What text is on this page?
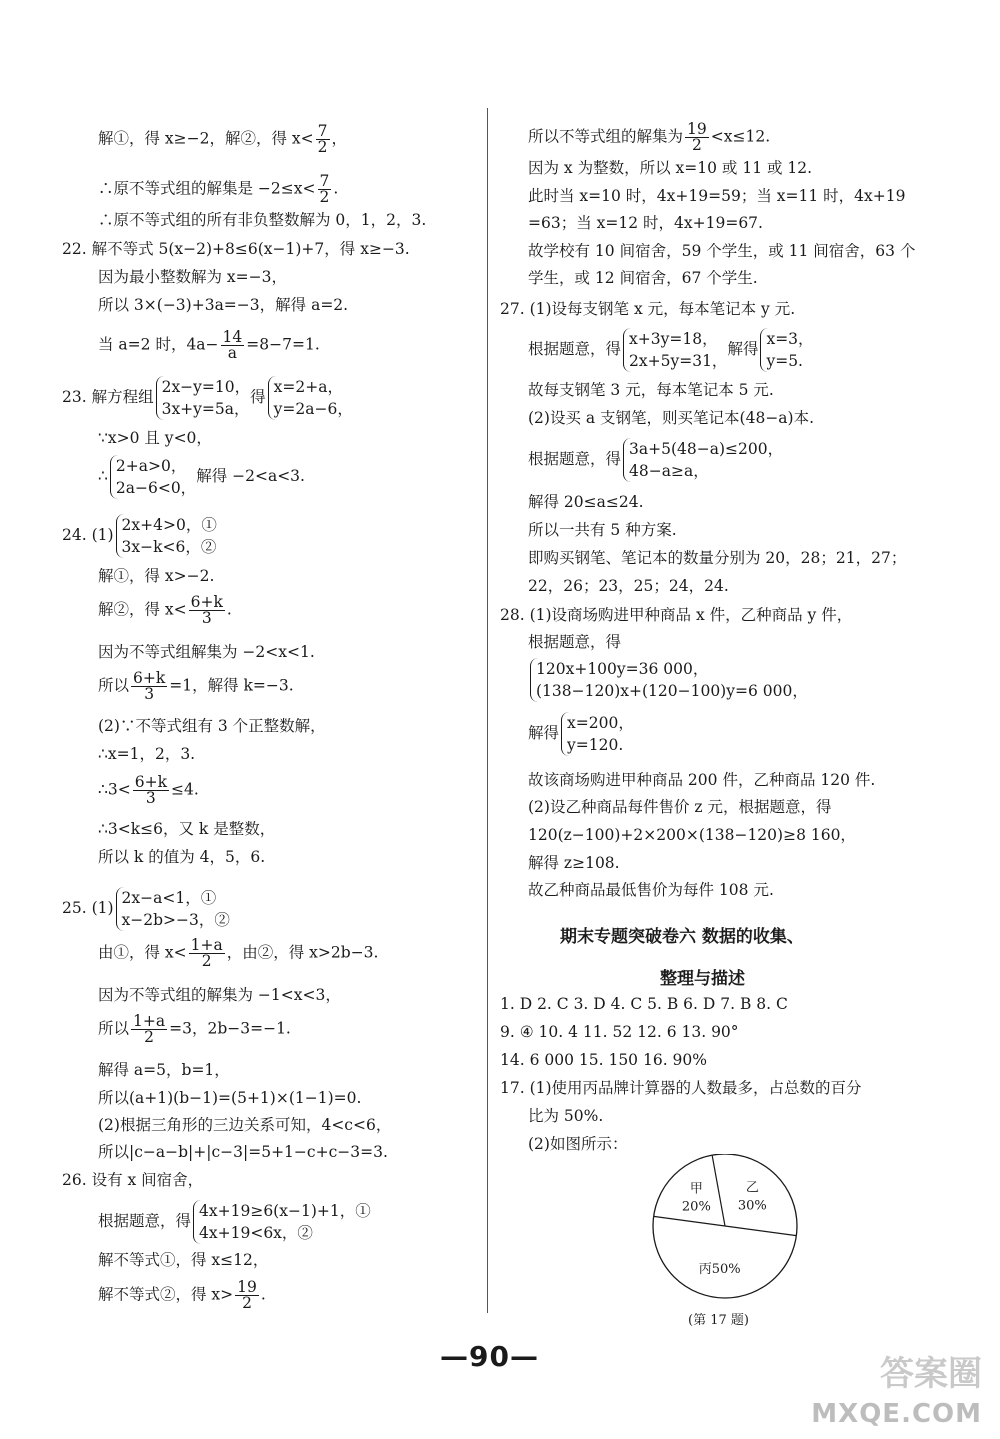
解①，得 x≥−2，解②，得 $x< \frac{7}{2}$ ，
∴原不等式组的解集是 $-2\le x< \frac{7}{2}$ .
∴原不等式组的所有非负整数解为 0，1，2，3.
22. 解不等式 5(x−2)+8≤6(x−1)+7，得 x≥−3.
因为最小整数解为 x=−3，
所以 3×(−3)+3a=−3，解得 a=2.
当 a=2 时，$4a- \frac{14}{a} =8-7=1$.
23. 解方程组
2x−y=10，
3x+y=5a，
得
x=2+a，
y=2a−6，
∵x>0 且 y<0，
∴
2+a>0，
2a−6<0，
解得 −2<a<3.
24. (1)
2x+4>0，①
3x−k<6，②
解①，得 x>−2.
解②，得 $x< \frac{6+k}{3}$ .
因为不等式组解集为 −2<x<1.
所以 $\frac{6+k}{3} =1$，解得 k=−3.
(2)∵不等式组有 3 个正整数解，
∴x=1，2，3.
∴3< $\frac{6+k}{3} \le 4$.
∴3<k≤6，又 k 是整数，
所以 k 的值为 4，5，6.
25. (1)
2x−a<1，①
x−2b>−3，②
由①，得 $x< \frac{1+a}{2}$ ，由②，得 x>2b−3.
因为不等式组的解集为 −1<x<3，
所以 $\frac{1+a}{2} =3$，2b−3=−1.
解得 a=5，b=1，
所以(a+1)(b−1)=(5+1)×(1−1)=0.
(2)根据三角形的三边关系可知，4<c<6，
所以|c−a−b|+|c−3|=5+1−c+c−3=3.
26. 设有 x 间宿舍，
根据题意，得
4x+19≥6(x−1)+1，①
4x+19<6x，②
解不等式①，得 x≤12，
解不等式②，得 $x> \frac{19}{2}$ .
所以不等式组的解集为 $\frac{19}{2} <x\le 12$.
因为 x 为整数，所以 x=10 或 11 或 12.
此时当 x=10 时，4x+19=59；当 x=11 时，4x+19
=63；当 x=12 时，4x+19=67.
故学校有 10 间宿舍，59 个学生，或 11 间宿舍，63 个
学生，或 12 间宿舍，67 个学生.
27. (1)设每支钢笔 x 元，每本笔记本 y 元.
根据题意，得
x+3y=18，
2x+5y=31，
解得
x=3，
y=5.
故每支钢笔 3 元，每本笔记本 5 元.
(2)设买 a 支钢笔，则买笔记本(48−a)本.
根据题意，得
3a+5(48−a)≤200，
48−a≥a，
解得 20≤a≤24.
所以一共有 5 种方案.
即购买钢笔、笔记本的数量分别为 20，28；21，27；
22，26；23，25；24，24.
28. (1)设商场购进甲种商品 x 件，乙种商品 y 件，
根据题意，得
120x+100y=36 000，
(138−120)x+(120−100)y=6 000，
解得
x=200，
y=120.
故该商场购进甲种商品 200 件，乙种商品 120 件.
(2)设乙种商品每件售价 z 元，根据题意，得
120(z−100)+2×200×(138−120)≥8 160，
解得 z≥108.
故乙种商品最低售价为每件 108 元.
期末专题突破卷六 数据的收集、
整理与描述
1. D 2. C 3. D 4. C 5. B 6. D 7. B 8. C
9. ④ 10. 4 11. 52 12. 6 13. 90°
14. 6 000 15. 150 16. 90%
17. (1)使用丙品牌计算器的人数最多，占总数的百分
比为 50%.
(2)如图所示：
甲
20%
乙
30%
丙50%
(第 17 题)
—90—	答案圈
MXQE.COM
